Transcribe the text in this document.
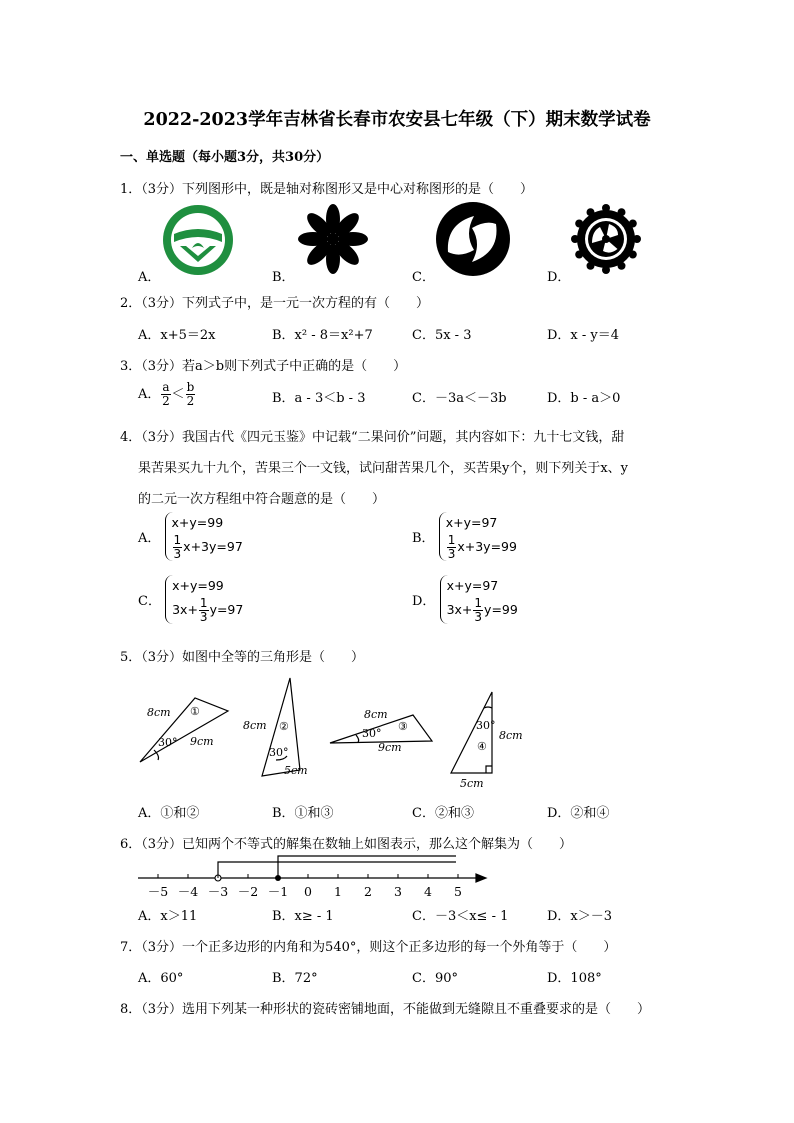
2022-2023学年吉林省长春市农安县七年级（下）期末数学试卷
一、单选题（每小题3分，共30分）
1．（3分）下列图形中，既是轴对称图形又是中心对称图形的是（　　）
A．	B．	C．	D．
2．（3分）下列式子中，是一元一次方程的有（　　）
A．x+5＝2x	B．x² - 8＝x²+7	C．5x - 3	D．x - y＝4
3．（3分）若a＞b则下列式子中正确的是（　　）
A． $\frac{a}{2} < \frac{b}{2}$	B．a - 3＜b - 3	C．－3a＜－3b	D．b - a＞0
4．（3分）我国古代《四元玉鉴》中记载“二果问价”问题，其内容如下：九十七文钱，甜
果苦果买九十九个，苦果三个一文钱，试问甜苦果几个，买苦果y个，则下列关于x、y
的二元一次方程组中符合题意的是（　　）
A．
x+y=99
$\frac{1}{3} x+3y=97$
B．
x+y=97
$\frac{1}{3} x+3y=99$
C．
x+y=99
$3x+ \frac{1}{3} y=97$
D．
x+y=97
$3x+ \frac{1}{3} y=99$
5．（3分）如图中全等的三角形是（　　）
8cm ①
30° 9cm
8cm ②
30°
5cm
8cm
③
30°
9cm
30°
8cm
④
5cm
A．①和②	B．①和③	C．②和③	D．②和④
6．（3分）已知两个不等式的解集在数轴上如图表示，那么这个解集为（　　）
－5 －4 －3 －2 －1 0 1 2 3 4 5
A．x＞11	B．x≥ - 1	C．－3＜x≤ - 1	D．x＞－3
7．（3分）一个正多边形的内角和为540°，则这个正多边形的每一个外角等于（　　）
A．60°	B．72°	C．90°	D．108°
8．（3分）选用下列某一种形状的瓷砖密铺地面，不能做到无缝隙且不重叠要求的是（　　）
